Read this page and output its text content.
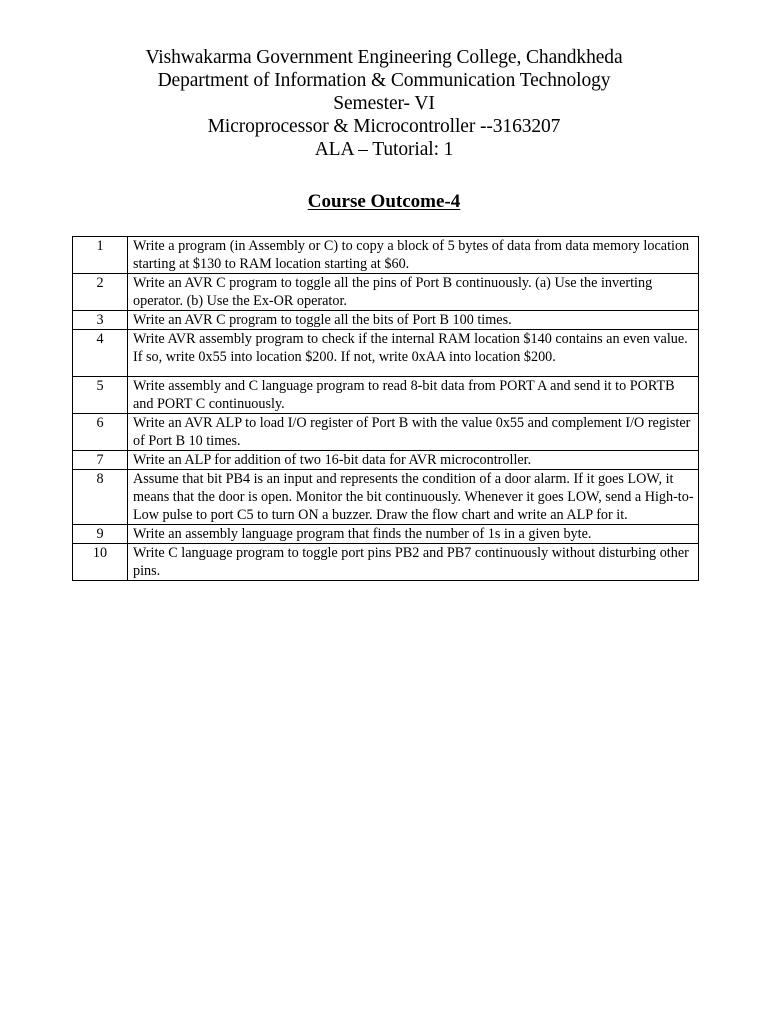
Vishwakarma Government Engineering College, Chandkheda
Department of Information & Communication Technology
Semester- VI
Microprocessor & Microcontroller --3163207
ALA – Tutorial: 1
Course Outcome-4
1	Write a program (in Assembly or C) to copy a block of 5 bytes of data from data memory location starting at $130 to RAM location starting at $60.
2	Write an AVR C program to toggle all the pins of Port B continuously. (a) Use the inverting operator. (b) Use the Ex-OR operator.
3	Write an AVR C program to toggle all the bits of Port B 100 times.
4	Write AVR assembly program to check if the internal RAM location $140 contains an even value. If so, write 0x55 into location $200. If not, write 0xAA into location $200.
5	Write assembly and C language program to read 8-bit data from PORT A and send it to PORTB and PORT C continuously.
6	Write an AVR ALP to load I/O register of Port B with the value 0x55 and complement I/O register of Port B 10 times.
7	Write an ALP for addition of two 16-bit data for AVR microcontroller.
8	Assume that bit PB4 is an input and represents the condition of a door alarm. If it goes LOW, it means that the door is open. Monitor the bit continuously. Whenever it goes LOW, send a High-to-Low pulse to port C5 to turn ON a buzzer. Draw the flow chart and write an ALP for it.
9	Write an assembly language program that finds the number of 1s in a given byte.
10	Write C language program to toggle port pins PB2 and PB7 continuously without disturbing other pins.
